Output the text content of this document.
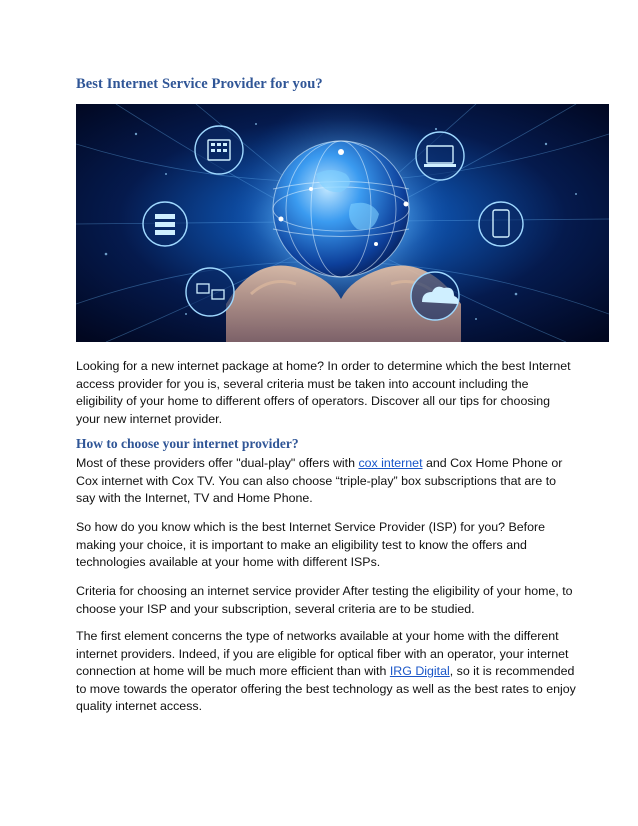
Best Internet Service Provider for you?
Looking for a new internet package at home? In order to determine which the best Internet access provider for you is, several criteria must be taken into account including the eligibility of your home to different offers of operators. Discover all our tips for choosing your new internet provider.
How to choose your internet provider?
Most of these providers offer "dual-play" offers with cox internet and Cox Home Phone or Cox internet with Cox TV. You can also choose “triple-play” box subscriptions that are to say with the Internet, TV and Home Phone.
So how do you know which is the best Internet Service Provider (ISP) for you? Before making your choice, it is important to make an eligibility test to know the offers and technologies available at your home with different ISPs.
Criteria for choosing an internet service provider After testing the eligibility of your home, to choose your ISP and your subscription, several criteria are to be studied.
The first element concerns the type of networks available at your home with the different internet providers. Indeed, if you are eligible for optical fiber with an operator, your internet connection at home will be much more efficient than with IRG Digital, so it is recommended to move towards the operator offering the best technology as well as the best rates to enjoy quality internet access.
